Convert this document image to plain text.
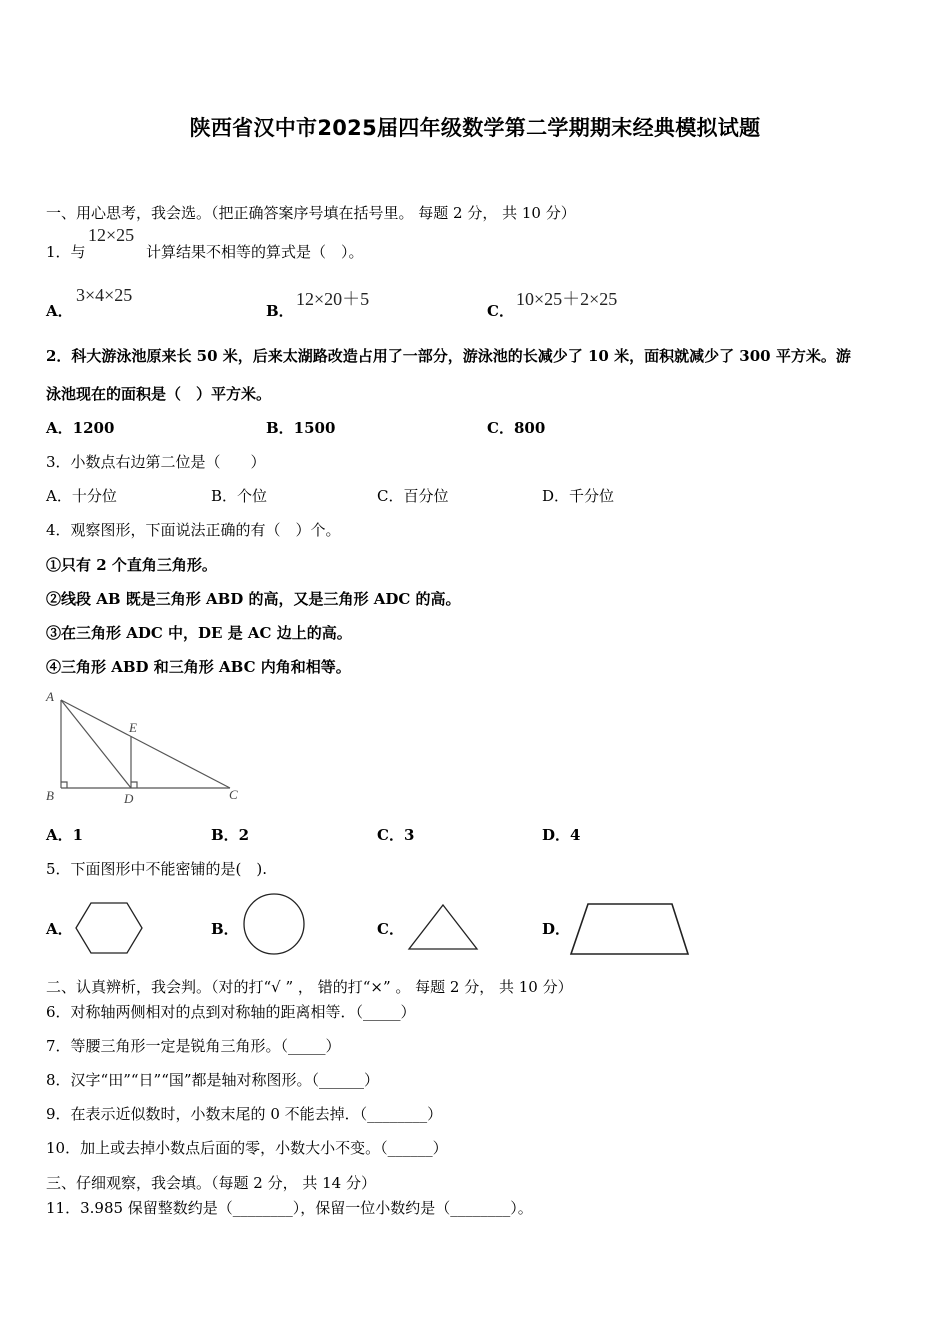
陕西省汉中市2025届四年级数学第二学期期末经典模拟试题
一、用心思考，我会选。（把正确答案序号填在括号里。 每题 2 分， 共 10 分）
1．与
12×25
计算结果不相等的算式是（　）。
A．
3×4×25
B．
12×20＋5
C．
10×25＋2×25
2．科大游泳池原来长 50 米，后来太湖路改造占用了一部分，游泳池的长减少了 10 米，面积就减少了 300 平方米。游
泳池现在的面积是（　）平方米。
A．1200	B．1500	C．800
3．小数点右边第二位是（　　）
A．十分位	B．个位	C．百分位	D．千分位
4．观察图形，下面说法正确的有（　）个。
①只有 2 个直角三角形。
②线段 AB 既是三角形 ABD 的高，又是三角形 ADC 的高。
③在三角形 ADC 中，DE 是 AC 边上的高。
④三角形 ABD 和三角形 ABC 内角和相等。
A
B	D
E
C
A．1	B．2	C．3	D．4
5．下面图形中不能密铺的是(　).
A．	B．	C．	D．
二、认真辨析，我会判。（对的打“√ ” ， 错的打“×” 。 每题 2 分， 共 10 分）
6．对称轴两侧相对的点到对称轴的距离相等．（_____）
7．等腰三角形一定是锐角三角形。（_____）
8．汉字“田”“日”“国”都是轴对称图形。（______）
9．在表示近似数时，小数末尾的 0 不能去掉．（________）
10．加上或去掉小数点后面的零，小数大小不变。（______）
三、仔细观察，我会填。（每题 2 分， 共 14 分）
11．3.985 保留整数约是（________），保留一位小数约是（________）。
